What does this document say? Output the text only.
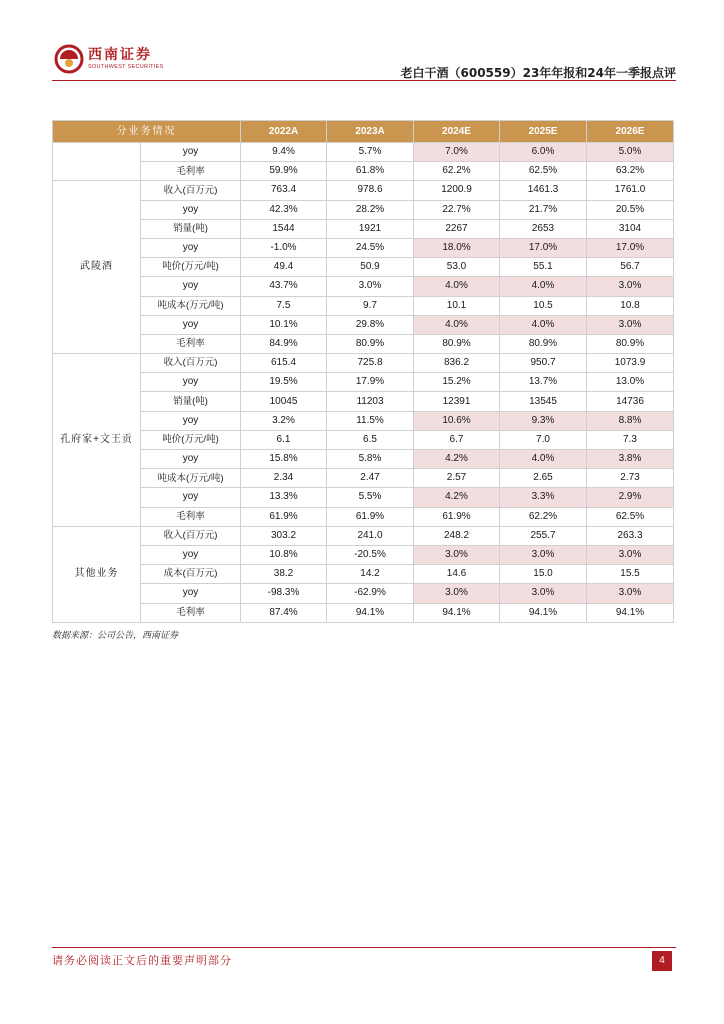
西南证券
SOUTHWEST SECURITIES	老白干酒（600559）23年年报和24年一季报点评
分业务情况		2022A	2023A	2024E	2025E	2026E
	yoy	9.4%	5.7%	7.0%	6.0%	5.0%
	毛利率	59.9%	61.8%	62.2%	62.5%	63.2%
武陵酒	收入(百万元)	763.4	978.6	1200.9	1461.3	1761.0
	yoy	42.3%	28.2%	22.7%	21.7%	20.5%
	销量(吨)	1544	1921	2267	2653	3104
	yoy	-1.0%	24.5%	18.0%	17.0%	17.0%
	吨价(万元/吨)	49.4	50.9	53.0	55.1	56.7
	yoy	43.7%	3.0%	4.0%	4.0%	3.0%
	吨成本(万元/吨)	7.5	9.7	10.1	10.5	10.8
	yoy	10.1%	29.8%	4.0%	4.0%	3.0%
	毛利率	84.9%	80.9%	80.9%	80.9%	80.9%
孔府家+文王贡	收入(百万元)	615.4	725.8	836.2	950.7	1073.9
	yoy	19.5%	17.9%	15.2%	13.7%	13.0%
	销量(吨)	10045	11203	12391	13545	14736
	yoy	3.2%	11.5%	10.6%	9.3%	8.8%
	吨价(万元/吨)	6.1	6.5	6.7	7.0	7.3
	yoy	15.8%	5.8%	4.2%	4.0%	3.8%
	吨成本(万元/吨)	2.34	2.47	2.57	2.65	2.73
	yoy	13.3%	5.5%	4.2%	3.3%	2.9%
	毛利率	61.9%	61.9%	61.9%	62.2%	62.5%
其他业务	收入(百万元)	303.2	241.0	248.2	255.7	263.3
	yoy	10.8%	-20.5%	3.0%	3.0%	3.0%
	成本(百万元)	38.2	14.2	14.6	15.0	15.5
	yoy	-98.3%	-62.9%	3.0%	3.0%	3.0%
	毛利率	87.4%	94.1%	94.1%	94.1%	94.1%
数据来源：公司公告，西南证券
请务必阅读正文后的重要声明部分	4
